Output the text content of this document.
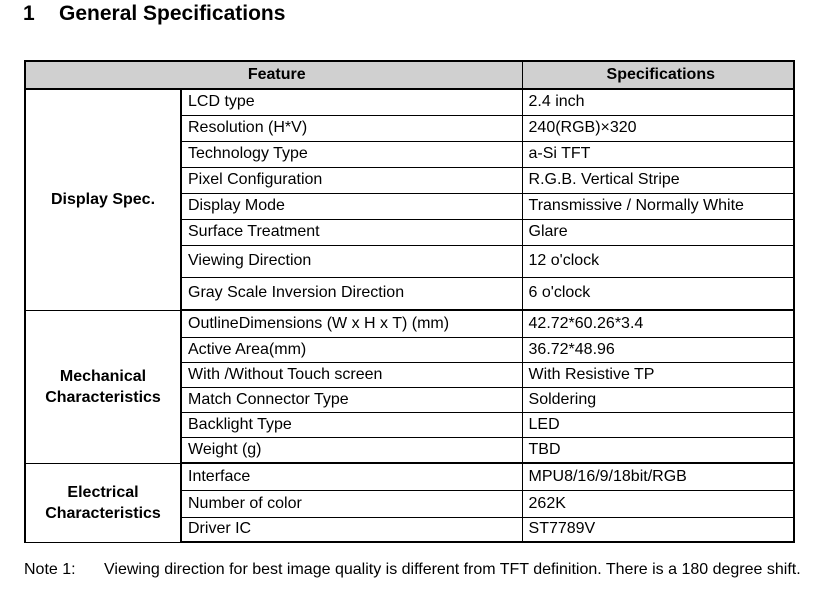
1 General Specifications
Feature		Specifications
Display Spec.	LCD type	2.4 inch
	Resolution (H*V)	240(RGB)×320
	Technology Type	a-Si TFT
	Pixel Configuration	R.G.B. Vertical Stripe
	Display Mode	Transmissive / Normally White
	Surface Treatment	Glare
	Viewing Direction	12 o'clock
	Gray Scale Inversion Direction	6 o'clock

Mechanical Characteristics	OutlineDimensions (W x H x T) (mm)	42.72*60.26*3.4
	Active Area(mm)	36.72*48.96
	With /Without Touch screen	With Resistive TP
	Match Connector Type	Soldering
	Backlight Type	LED
	Weight (g)	TBD

Electrical Characteristics	Interface	MPU8/16/9/18bit/RGB
	Number of color	262K
	Driver IC	ST7789V
Note 1: Viewing direction for best image quality is different from TFT definition. There is a 180 degree shift.
